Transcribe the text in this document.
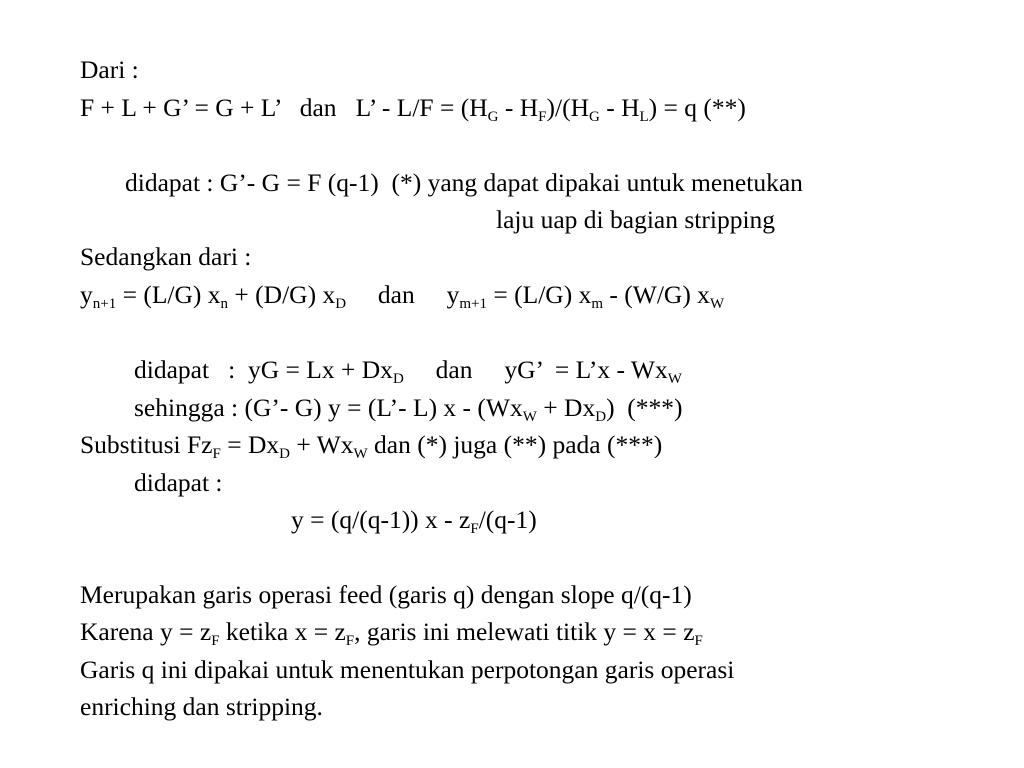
Dari :
F + L + G’ = G + L’   dan   L’ - $L/F = (H_G - H_F)/(H_G - H_L) = q$ (**)
didapat : G’- G = F (q-1)  (*) yang dapat dipakai untuk menetukan
laju uap di bagian stripping
Sedangkan dari :
$y_{n+1} = (L/G) x_n + (D/G)$ $x_D$     dan     $y_{m+1} = (L/G)$ $x_m - (W/G)$ $x_W$
didapat   :  yG = $Lx + Dx_D$     dan     yG’  = L’x - $Wx_W$
sehingga : (G’- G) y = (L’- L) $x - (Wx_W + Dx_D)$  (***)
Substitusi $Fz_F = Dx_D + Wx_W$ dan (*) juga (**) pada (***)
didapat :
y = (q/(q-1)) x - $z_F/(q-1)$
Merupakan garis operasi feed (garis q) dengan slope q/(q-1)
Karena $y = z_F$ ketika $x = z_F$, garis ini melewati titik $y = x = z_F$
Garis q ini dipakai untuk menentukan perpotongan garis operasi
enriching dan stripping.
